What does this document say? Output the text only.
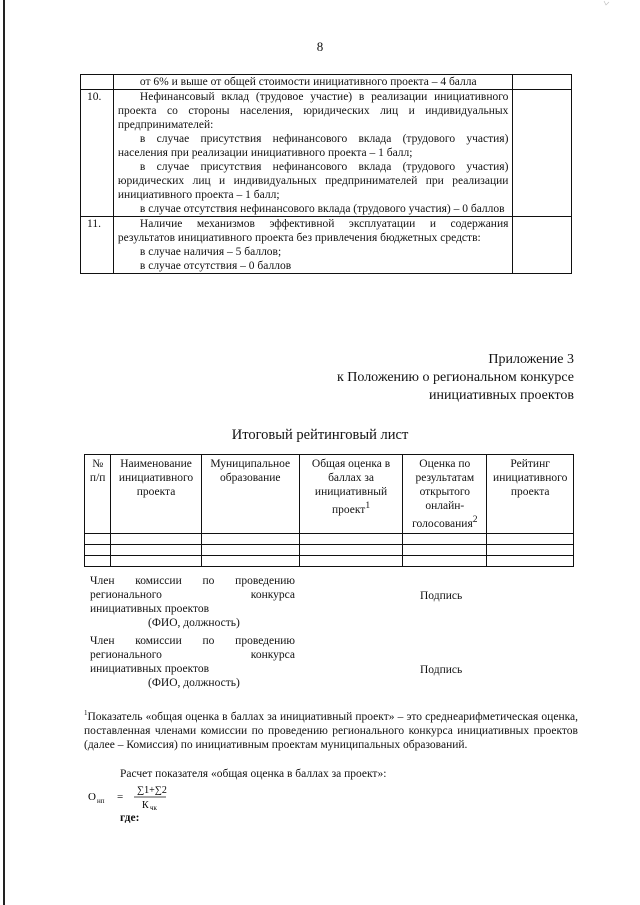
8

	от 6% и выше от общей стоимости инициативного проекта – 4 балла	

10.	Нефинансовый вклад (трудовое участие) в реализации инициативного проекта со стороны населения, юридических лиц и индивидуальных предпринимателей:
в случае присутствия нефинансового вклада (трудового участия) населения при реализации инициативного проекта – 1 балл;
в случае присутствия нефинансового вклада (трудового участия) юридических лиц и индивидуальных предпринимателей при реализации инициативного проекта – 1 балл;
в случае отсутствия нефинансового вклада (трудового участия) – 0 баллов	

11.	Наличие механизмов эффективной эксплуатации и содержания результатов инициативного проекта без привлечения бюджетных средств:
в случае наличия – 5 баллов;
в случае отсутствия – 0 баллов	

Приложение 3
к Положению о региональном конкурсе
инициативных проектов
Итоговый рейтинговый лист
№ п/п	Наименование инициативного проекта	Муниципальное образование	Общая оценка в баллах за инициативный проект$^1$	Оценка по результатам открытого онлайн-голосования$^2$	Рейтинг инициативного проекта

Член комиссии по проведению
регионального конкурса
инициативных проектов
(ФИО, должность)
Подпись
Член комиссии по проведению
регионального конкурса
инициативных проектов
(ФИО, должность)
Подпись
$^1$Показатель «общая оценка в баллах за инициативный проект» – это среднеарифметическая оценка, поставленная членами комиссии по проведению регионального конкурса инициативных проектов (далее – Комиссия) по инициативным проектам муниципальных образований.
Расчет показателя «общая оценка в баллах за проект»:
О нп =
∑1+∑2
К чк
где:
